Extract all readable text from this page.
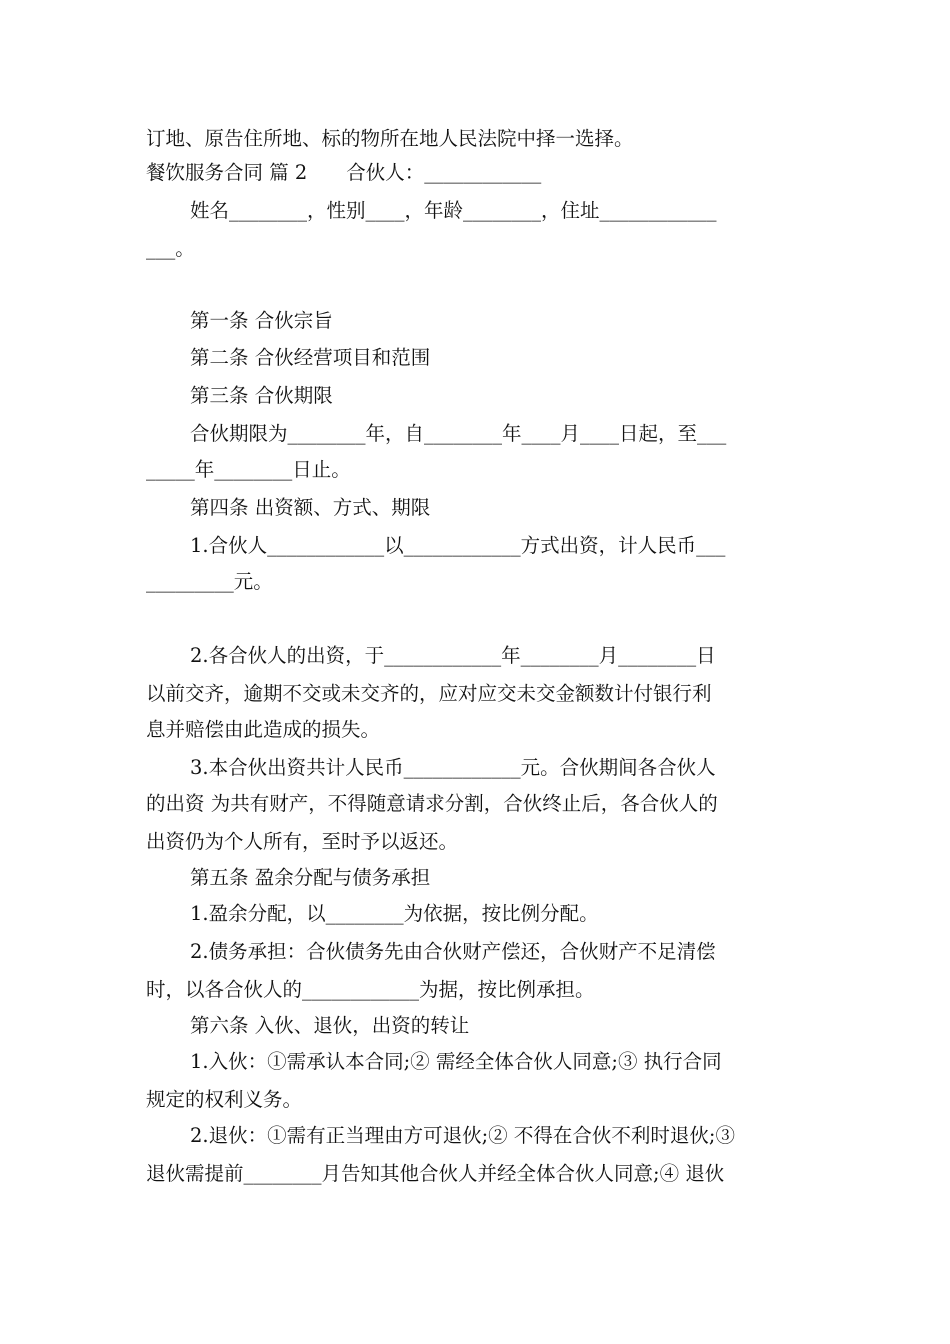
订地、原告住所地、标的物所在地人民法院中择一选择。
餐饮服务合同 篇 2　　合伙人：____________
姓名________，性别____，年龄________，住址____________
___。
第一条 合伙宗旨
第二条 合伙经营项目和范围
第三条 合伙期限
合伙期限为________年，自________年____月____日起，至___
_____年________日止。
第四条 出资额、方式、期限
1.合伙人____________以____________方式出资，计人民币___
_________元。
2.各合伙人的出资，于____________年________月________日
以前交齐，逾期不交或未交齐的，应对应交未交金额数计付银行利
息并赔偿由此造成的损失。
3.本合伙出资共计人民币____________元。合伙期间各合伙人
的出资 为共有财产，不得随意请求分割，合伙终止后，各合伙人的
出资仍为个人所有，至时予以返还。
第五条 盈余分配与债务承担
1.盈余分配，以________为依据，按比例分配。
2.债务承担：合伙债务先由合伙财产偿还，合伙财产不足清偿
时，以各合伙人的____________为据，按比例承担。
第六条 入伙、退伙，出资的转让
1.入伙：①需承认本合同;② 需经全体合伙人同意;③ 执行合同
规定的权利义务。
2.退伙：①需有正当理由方可退伙;② 不得在合伙不利时退伙;③
退伙需提前________月告知其他合伙人并经全体合伙人同意;④ 退伙
